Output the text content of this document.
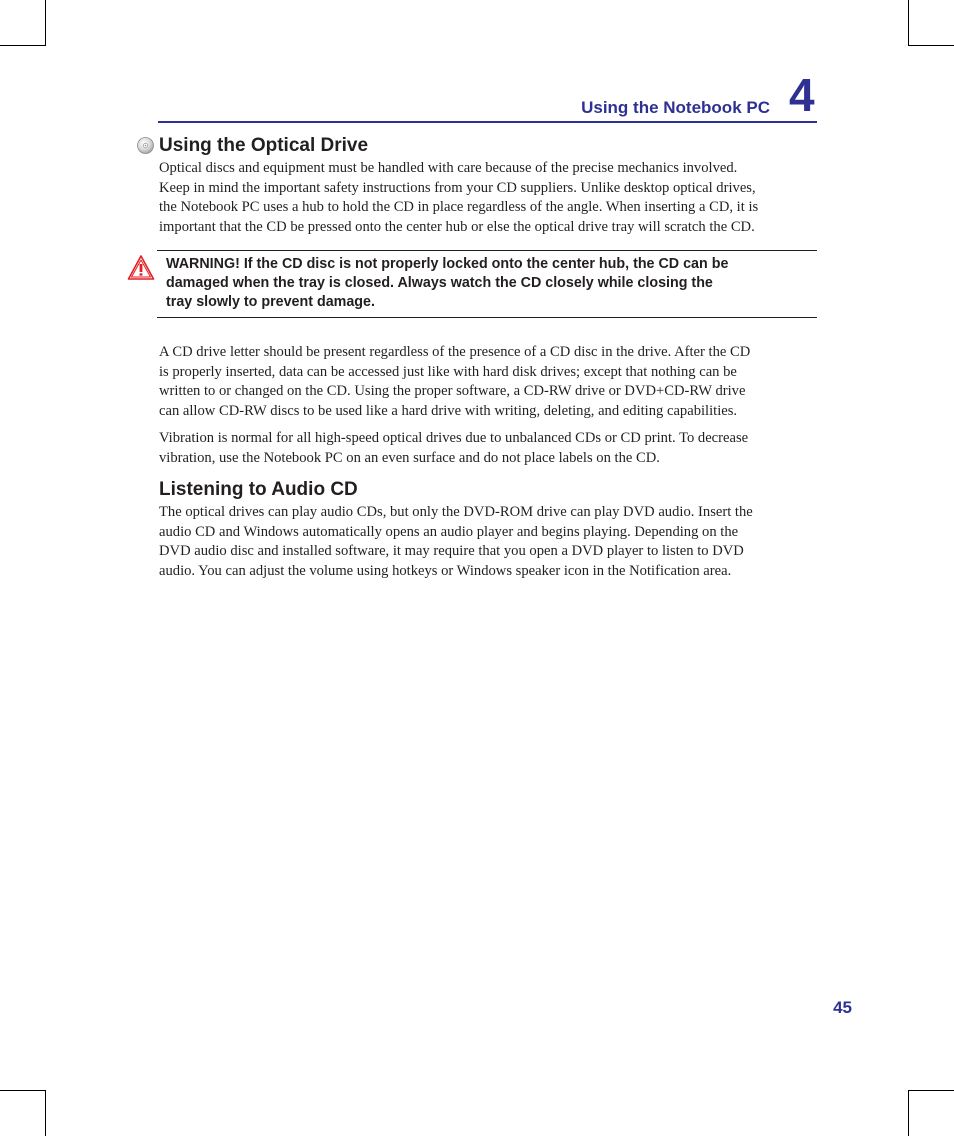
Using the Notebook PC 4
Using the Optical Drive
Optical discs and equipment must be handled with care because of the precise mechanics involved.
Keep in mind the important safety instructions from your CD suppliers. Unlike desktop optical drives,
the Notebook PC uses a hub to hold the CD in place regardless of the angle. When inserting a CD, it is
important that the CD be pressed onto the center hub or else the optical drive tray will scratch the CD.
WARNING! If the CD disc is not properly locked onto the center hub, the CD can be
damaged when the tray is closed. Always watch the CD closely while closing the
tray slowly to prevent damage.
A CD drive letter should be present regardless of the presence of a CD disc in the drive. After the CD
is properly inserted, data can be accessed just like with hard disk drives; except that nothing can be
written to or changed on the CD. Using the proper software, a CD-RW drive or DVD+CD-RW drive
can allow CD-RW discs to be used like a hard drive with writing, deleting, and editing capabilities.
Vibration is normal for all high-speed optical drives due to unbalanced CDs or CD print. To decrease
vibration, use the Notebook PC on an even surface and do not place labels on the CD.
Listening to Audio CD
The optical drives can play audio CDs, but only the DVD-ROM drive can play DVD audio. Insert the
audio CD and Windows automatically opens an audio player and begins playing. Depending on the
DVD audio disc and installed software, it may require that you open a DVD player to listen to DVD
audio. You can adjust the volume using hotkeys or Windows speaker icon in the Notification area.
45
